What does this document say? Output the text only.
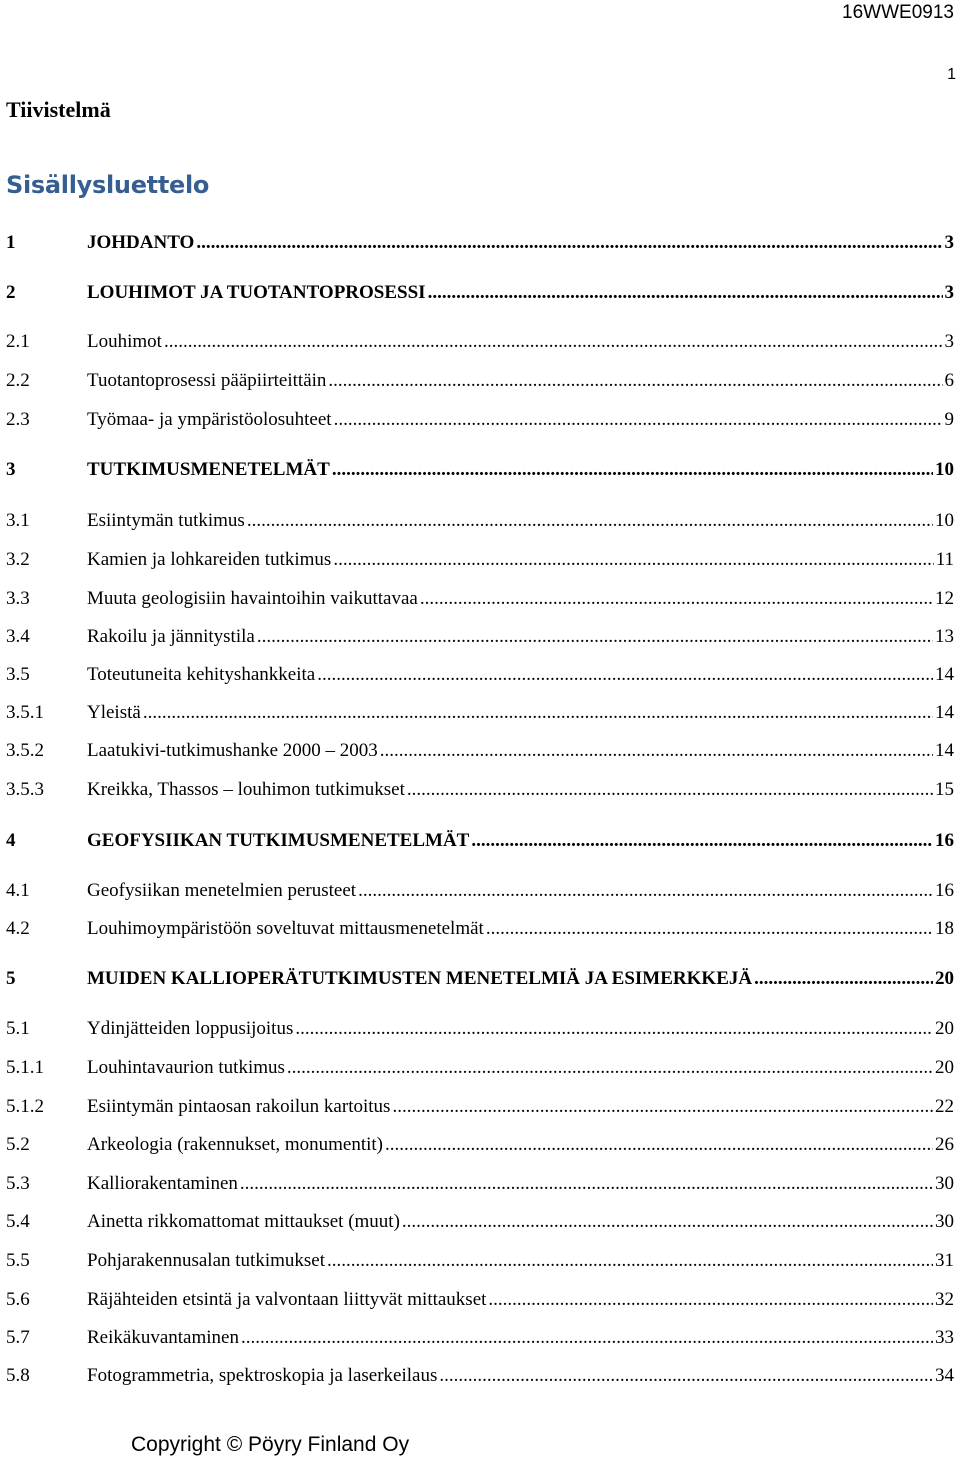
16WWE0913
1
Tiivistelmä
Sisällysluettelo
1	JOHDANTO .....	3
2	LOUHIMOT JA TUOTANTOPROSESSI .....	3
2.1	Louhimot .....	3
2.2	Tuotantoprosessi pääpiirteittäin .....	6
2.3	Työmaa- ja ympäristöolosuhteet .....	9
3	TUTKIMUSMENETELMÄT .....	10
3.1	Esiintymän tutkimus .....	10
3.2	Kamien ja lohkareiden tutkimus .....	11
3.3	Muuta geologisiin havaintoihin vaikuttavaa .....	12
3.4	Rakoilu ja jännitystila .....	13
3.5	Toteutuneita kehityshankkeita .....	14
3.5.1 Yleistä .....	14
3.5.2 Laatukivi-tutkimushanke 2000 – 2003 .....	14
3.5.3 Kreikka, Thassos – louhimon tutkimukset .....	15
4	GEOFYSIIKAN TUTKIMUSMENETELMÄT .....	16
4.1	Geofysiikan menetelmien perusteet .....	16
4.2	Louhimoympäristöön soveltuvat mittausmenetelmät .....	18
5	MUIDEN KALLIOPERÄTUTKIMUSTEN MENETELMIÄ JA ESIMERKKEJÄ .....	20
5.1	Ydinjätteiden loppusijoitus .....	20
5.1.1 Louhintavaurion tutkimus .....	20
5.1.2 Esiintymän pintaosan rakoilun kartoitus .....	22
5.2	Arkeologia (rakennukset, monumentit) .....	26
5.3	Kalliorakentaminen .....	30
5.4	Ainetta rikkomattomat mittaukset (muut) .....	30
5.5	Pohjarakennusalan tutkimukset .....	31
5.6	Räjähteiden etsintä ja valvontaan liittyvät mittaukset .....	32
5.7	Reikäkuvantaminen .....	33
5.8	Fotogrammetria, spektroskopia ja laserkeilaus .....	34
Copyright © Pöyry Finland Oy
